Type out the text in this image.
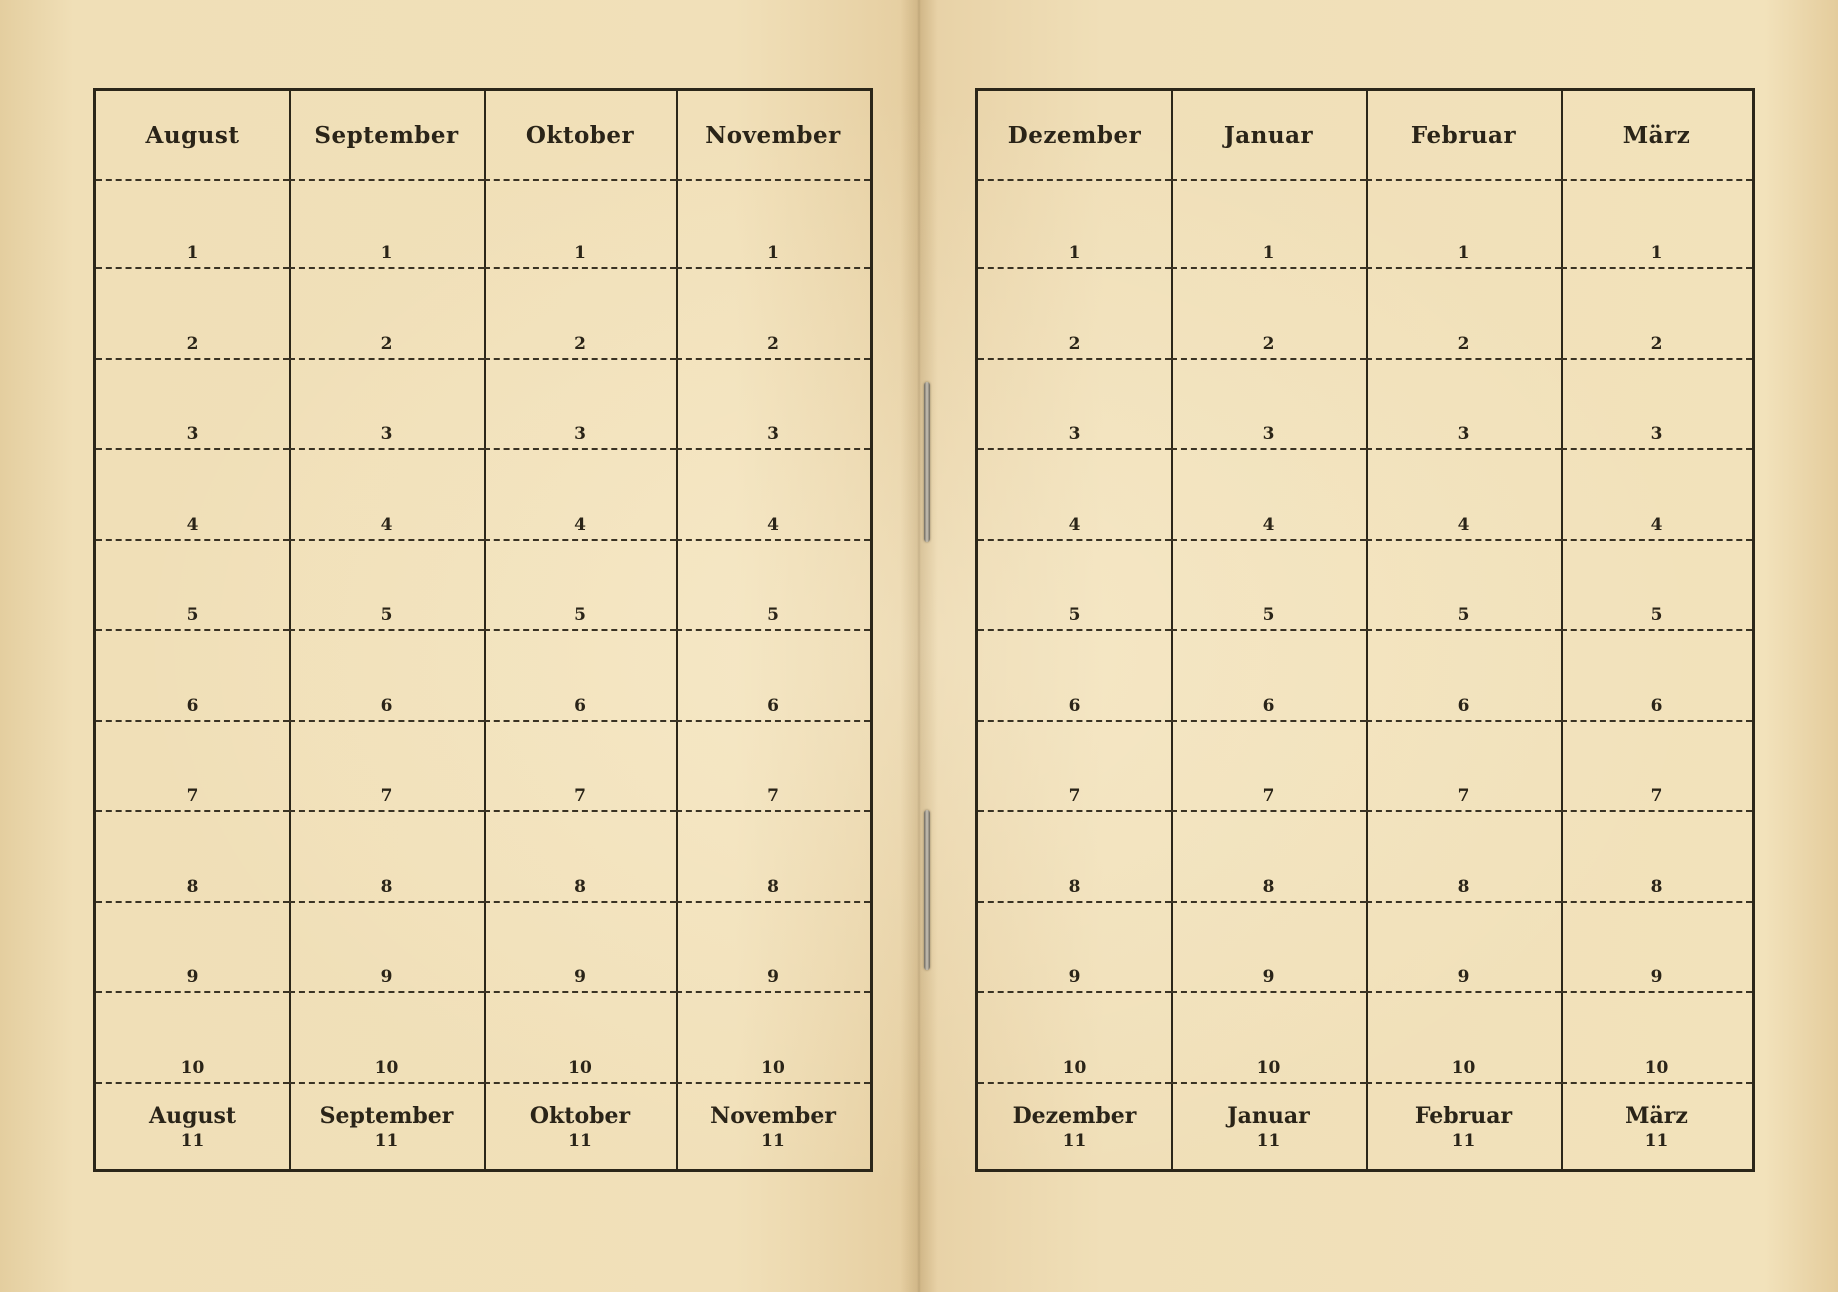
August
1
2
3
4
5
6
7
8
9
10
August
11
September
1
2
3
4
5
6
7
8
9
10
September
11
Oktober
1
2
3
4
5
6
7
8
9
10
Oktober
11
November
1
2
3
4
5
6
7
8
9
10
November
11
Dezember
1
2
3
4
5
6
7
8
9
10
Dezember
11
Januar
1
2
3
4
5
6
7
8
9
10
Januar
11
Februar
1
2
3
4
5
6
7
8
9
10
Februar
11
März
1
2
3
4
5
6
7
8
9
10
März
11
